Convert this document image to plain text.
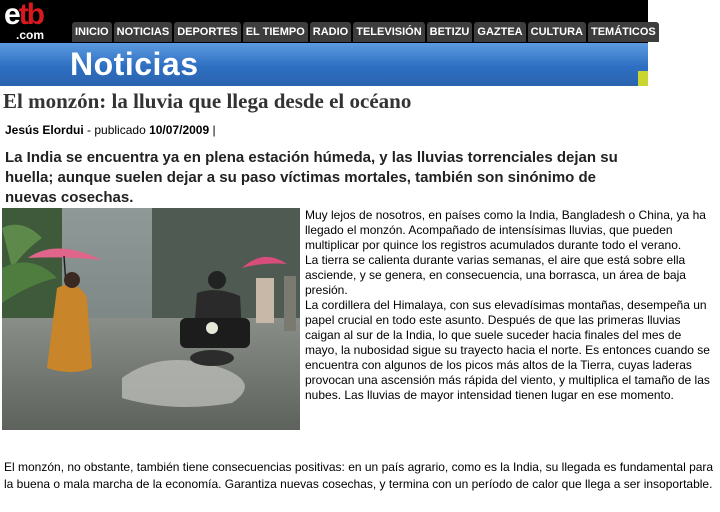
etb
.com	INICIO NOTICIAS DEPORTES EL TIEMPO RADIO TELEVISIÓN BETIZU GAZTEA CULTURA TEMÁTICOS
Noticias
El monzón: la lluvia que llega desde el océano
Jesús Elordui - publicado 10/07/2009 |

La India se encuentra ya en plena estación húmeda, y las lluvias torrenciales dejan su huella; aunque suelen dejar a su paso víctimas mortales, también son sinónimo de nuevas cosechas.

Muy lejos de nosotros, en países como la India, Bangladesh o China, ya ha llegado el monzón. Acompañado de intensísimas lluvias, que pueden multiplicar por quince los registros acumulados durante todo el verano.

La tierra se calienta durante varias semanas, el aire que está sobre ella asciende, y se genera, en consecuencia, una borrasca, un área de baja presión.

La cordillera del Himalaya, con sus elevadísimas montañas, desempeña un papel crucial en todo este asunto. Después de que las primeras lluvias caigan al sur de la India, lo que suele suceder hacia finales del mes de mayo, la nubosidad sigue su trayecto hacia el norte. Es entonces cuando se encuentra con algunos de los picos más altos de la Tierra, cuyas laderas provocan una ascensión más rápida del viento, y multiplica el tamaño de las nubes. Las lluvias de mayor intensidad tienen lugar en ese momento.

El monzón, no obstante, también tiene consecuencias positivas: en un país agrario, como es la India, su llegada es fundamental para la buena o mala marcha de la economía. Garantiza nuevas cosechas, y termina con un período de calor que llega a ser insoportable.
